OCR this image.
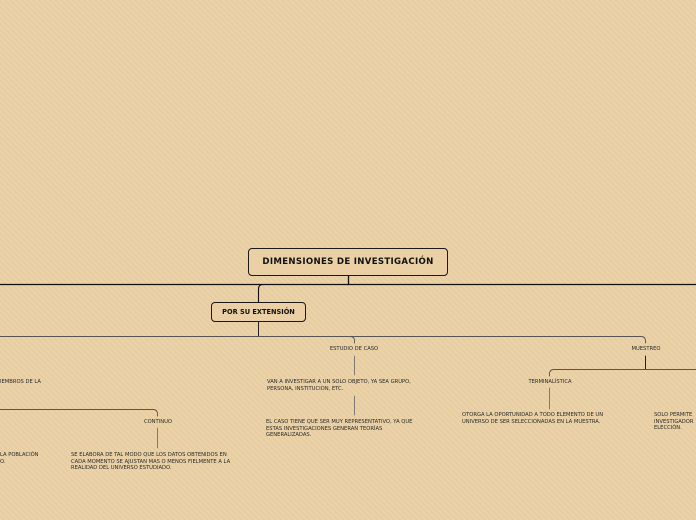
DIMENSIONES DE INVESTIGACIÓN
POR SU EXTENSIÓN
ESTUDIO DE CASO	MUESTREO
CONTINUO
TERMINALÍSTICA
IEMBROS DE LA
LA POBLACIÓN
O.
VAN A INVESTIGAR A UN SOLO OBJETO, YA SEA GRUPO,
PERSONA, INSTITUCION, ETC.
EL CASO TIENE QUE SER MUY REPRESENTATIVO, YA QUE
ESTAS INVESTIGACIONES GENERAN TEORÍAS
GENERALIZADAS.
SE ELABORA DE TAL MODO QUE LOS DATOS OBTENIDOS EN
CADA MOMENTO SE AJUSTAN MAS O MENOS FIELMENTE A LA
REALIDAD DEL UNIVERSO ESTUDIADO.
OTORGA LA OPORTUNIDAD A TODO ELEMENTO DE UN
UNIVERSO DE SER SELECCIONADAS EN LA MUESTRA.
SOLO PERMITE
INVESTIGADOR
ELECCIÓN.
